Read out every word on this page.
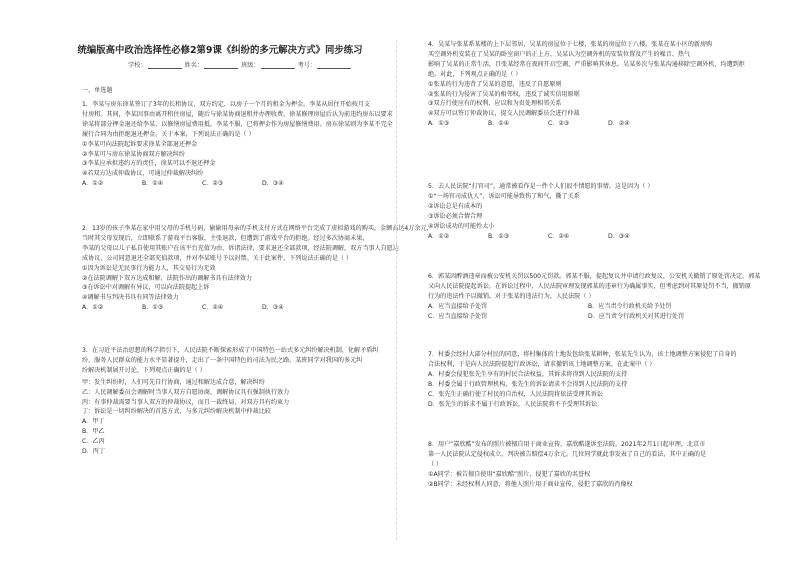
统编版高中政治选择性必修2第9课《纠纷的多元解决方式》同步练习
学校：	姓名：	班级：	考号：
一、单选题
1．李某与房东徐某签订了3年的长租协议，双方约定，以房子一个月的租金为押金。李某从居住开始按月支
付房租。其间，李某因事由离开租住房屋，随后与徐某协商退租并办理收费，徐某修理房屋后认为前违约房东以要求
徐某将部分押金退还给李某，以修缮房屋费用抵，李某不服，已将押金作为房屋修缮费用。房东徐某则为李某不完全
履行合同为由拒绝退还押金。关于本案，下列说法正确的是（ ）
①李某可向法院起诉要求徐某全部退还押金
②李某可与房东徐某协商双方解决纠纷
③李某应承担违约方的责任，徐某可以不退还押金
④若双方达成仲裁协议，可通过仲裁解决纠纷
A．①②	B．①④	C．②③	D．③④
2．13岁的孩子李某在家中用父母的手机号码，偷偷用母亲的手机支付方式在网络平台完成了虚拟游戏的购买，金额高达4万余元，
当时其父母发现后，立即联系了游戏平台客服，主张退款，但遭到了游戏平台的拒绝。经过多次协商未果，
李某的父母以儿子私自使用其账户在该平台充值为由，诉诸法律，要求退还全部款项，经法院调解，双方当事人自愿达
成协议，公司同意退还全部充值款项，并对李某账号予以封禁。关于此案件，下列说法正确的是（ ）
①因为诉讼是无民事行为能力人，其交易行为无效
②在法院调解下双方达成和解，法院作出的调解书具有法律效力
③在诉讼中对调解有异议，可以向法院提起上诉
④调解书与判决书具有同等法律效力
A．①②	B．①③	C．②④	D．③④
3．在习近平法治思想的科学指引下，人民法院不断探索形成了中国特色一站式多元纠纷解决机制，化解矛盾纠
纷，服务人民群众的能力水平显著提升，走出了一条中国特色的司法为民之路。某班同学对我国的多元纠
纷解决机制展开讨论，下列观点正确的是（ ）
甲：发生纠纷时，人们可先自行协商，通过和解达成合意，解决纠纷
乙：人民调解委员会调解时当事人双方自愿协商，调解协议具有强制执行效力
丙：有事仲裁需要当事人双方的仲裁协议，而且一裁终局，对双方具有约束力
丁：诉讼是一切纠纷解决的首选方式，与多元纠纷解决机制中仲裁比较
A．甲丁
B．甲乙
C．乙丙
D．丙丁
4．吴某与张某系某楼的上下层邻居，吴某的房屋位于七楼，张某的房屋位于八楼。张某在某小区的新房购
买空调外机安装在了吴某的卧室窗户的正上方，吴某认为空调外机的安装位置及产生的噪音、热气
影响了吴某的正常生活，且张某经常在夜间开启空调，严重影响其休息。吴某多次与张某沟通移除空调外机，均遭到拒
绝。对此，下列观点正确的是（ ）
①张某的行为违背了吴某的意愿，违反了自愿原则
②张某的行为侵害了吴某的相邻权，违反了诚实信用原则
③双方行使应有的权利，应以和为贵处理相邻关系
④双方可以签订仲裁协议，提交人民调解委员会进行仲裁
A．①③	B．①④	C．②③	D．②④
5．去人民法院“打官司”，通常被看作是一件个人们很不情愿的事情。这是因为（ ）
①“一场官司成仇人”，诉讼可能导致伤了和气，撕了关系
②诉讼总是有成本的
③诉讼必须合情合理
④诉讼成功的可能性太小
A．①②	B．①③	C．②④	D．③④
6．郭某因醉酒违章而被公安机关罚以500元罚款。郭某不服，提起复议并申请行政复议，公安机关撤销了原处罚决定。郭某
又向人民法院提起诉讼。在诉讼过程中，人民法院审理发现郭某的违章行为确属事实，但考虑到对其原处罚不当，撤销原
行为的违法性予以撤销。对于张某的违法行为，人民法院（ ）
A．应当直接给予处罚	B．应当责令行政机关给予处罚
C．应当直接给予处罚	D．应当责令行政机关对其进行处罚
7．村委会经村大部分村民的同意，将村集体的土地发包给张某耕种，张某先生认为，该土地调整方案侵犯了自身的
合法权利，于是向人民法院提起行政诉讼，请求撤销该土地调整方案。在此案中（ ）
A．村委会侵犯张先生享有的村民合法权益，其诉求将得到人民法院的支持
B．村委会属于行政管理机构，张先生的诉讼请求不会得到人民法院的支持
C．张先生正确行使了村民的自治权，人民法院将依法受理其诉讼
D．张先生的诉求不属于行政诉讼，人民法院将不予受理其诉讼
8．用户“嘉欣酷”发布的照片被擅自用于商业宣传，嘉欣酷遂诉至法院。2021年2月1日起审理，北京市
第一人民法院认定侵权成立，判决被告赔偿4万余元。几位同学就此事发表了自己的看法，其中正确的是
（ ）
①A同学：被告擅自使用“嘉欣酷”照片，侵犯了嘉欣的名誉权
②B同学：未经权利人同意，将他人照片用于商业宣传，侵犯了嘉欣的肖像权
